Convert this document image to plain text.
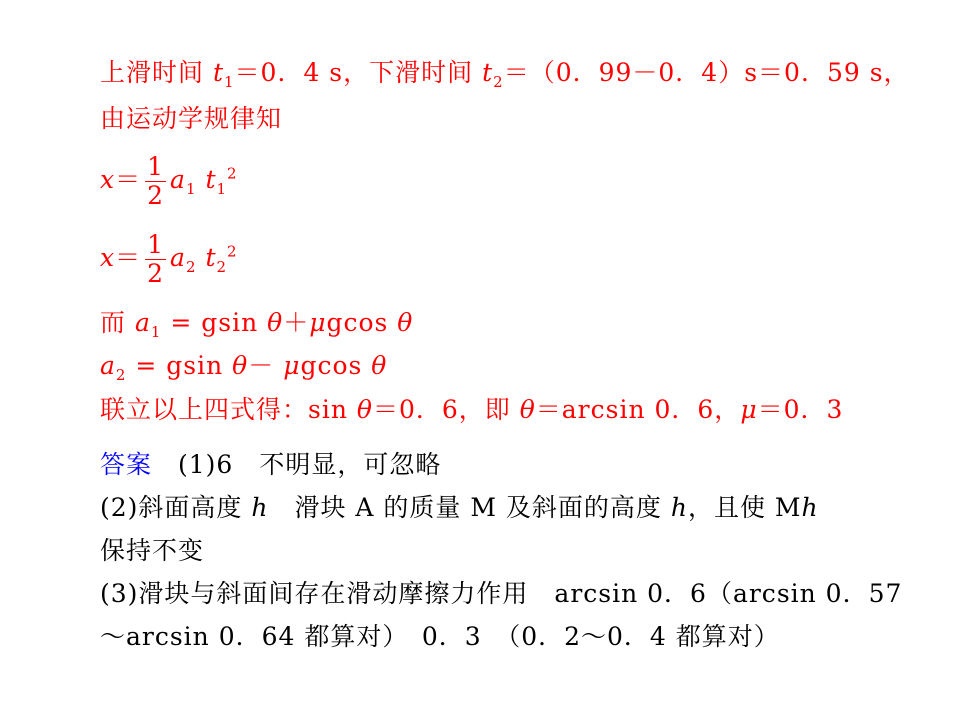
上滑时间 $t_1=0$．4 s，下滑时间 $t_2=(0$．99－0．4）s＝0．59 s，
由运动学规律知
$x= \frac{1}{2} a_1$ $t_1^2$
$x= \frac{1}{2} a_2$ $t_2^2$
而 $a_1 = gsin$ θ＋μgcos θ
$a_2 = gsin$ θ－ μgcos θ
联立以上四式得：sin θ＝0．6，即 θ＝arcsin 0．6，μ＝0．3
答案　(1)6　不明显，可忽略
(2)斜面高度 h　滑块 A 的质量 M 及斜面的高度 h，且使 Mh
保持不变
(3)滑块与斜面间存在滑动摩擦力作用　arcsin 0．6（arcsin 0．57
～arcsin 0．64 都算对）　0．3　（0．2～0．4 都算对）
